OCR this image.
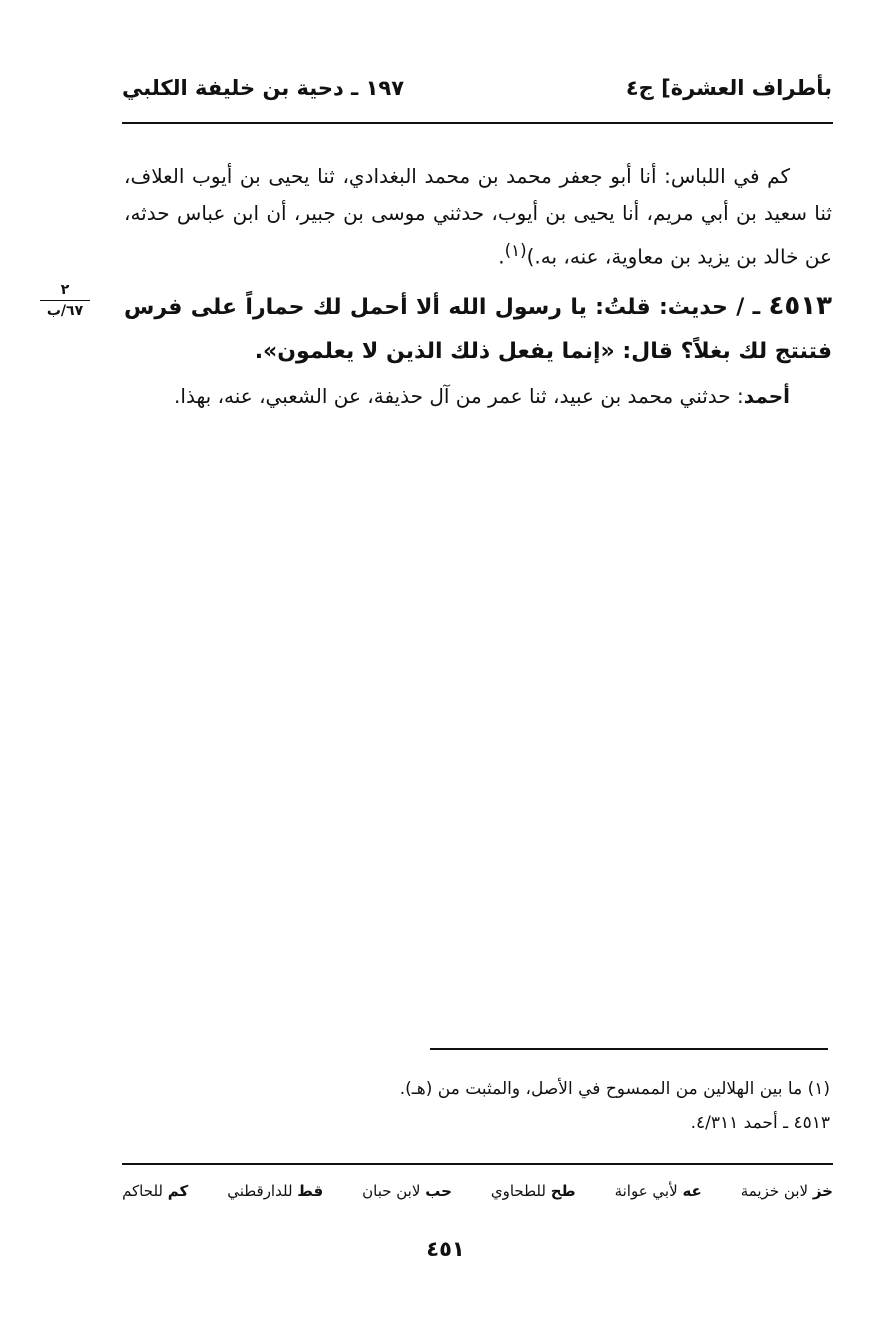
بأطراف العشرة] ج٤
١٩٧ ـ دحية بن خليفة الكلبي

كم في اللباس: أنا أبو جعفر محمد بن محمد البغدادي، ثنا يحيى بن أيوب العلاف، ثنا سعيد بن أبي مريم، أنا يحيى بن أيوب، حدثني موسى بن جبير، أن ابن عباس حدثه، عن خالد بن يزيد بن معاوية، عنه، به.)$^{(١)}$.

٤٥١٣ ـ / حديث: قلتُ: يا رسول الله ألا أحمل لك حماراً على فرس فتنتج لك بغلاً؟ قال: «إنما يفعل ذلك الذين لا يعلمون».

أحمد: حدثني محمد بن عبيد، ثنا عمر من آل حذيفة، عن الشعبي، عنه، بهذا.

٢
٦٧/ب
(١) ما بين الهلالين من الممسوح في الأصل، والمثبت من (هـ).
٤٥١٣ ـ أحمد ٤/٣١١.
خز لابن خزيمة
عه لأبي عوانة
طح للطحاوي
حب لابن حبان
قط للدارقطني
كم للحاكم
٤٥١
